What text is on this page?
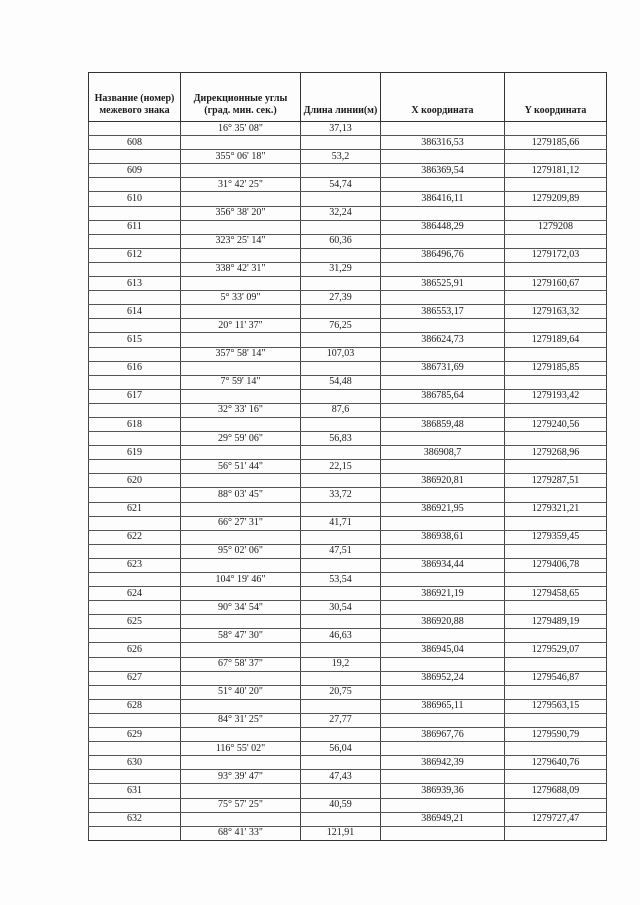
Название (номер) межевого знака	Дирекционные углы (град. мин. сек.)	Длина линии(м)	X координата	Y координата
	16° 35' 08"	37,13		
608			386316,53	1279185,66
	355° 06' 18"	53,2		
609			386369,54	1279181,12
	31° 42' 25"	54,74		
610			386416,11	1279209,89
	356° 38' 20"	32,24		
611			386448,29	1279208
	323° 25' 14"	60,36		
612			386496,76	1279172,03
	338° 42' 31"	31,29		
613			386525,91	1279160,67
	5° 33' 09"	27,39		
614			386553,17	1279163,32
	20° 11' 37"	76,25		
615			386624,73	1279189,64
	357° 58' 14"	107,03		
616			386731,69	1279185,85
	7° 59' 14"	54,48		
617			386785,64	1279193,42
	32° 33' 16"	87,6		
618			386859,48	1279240,56
	29° 59' 06"	56,83		
619			386908,7	1279268,96
	56° 51' 44"	22,15		
620			386920,81	1279287,51
	88° 03' 45"	33,72		
621			386921,95	1279321,21
	66° 27' 31"	41,71		
622			386938,61	1279359,45
	95° 02' 06"	47,51		
623			386934,44	1279406,78
	104° 19' 46"	53,54		
624			386921,19	1279458,65
	90° 34' 54"	30,54		
625			386920,88	1279489,19
	58° 47' 30"	46,63		
626			386945,04	1279529,07
	67° 58' 37"	19,2		
627			386952,24	1279546,87
	51° 40' 20"	20,75		
628			386965,11	1279563,15
	84° 31' 25"	27,77		
629			386967,76	1279590,79
	116° 55' 02"	56,04		
630			386942,39	1279640,76
	93° 39' 47"	47,43		
631			386939,36	1279688,09
	75° 57' 25"	40,59		
632			386949,21	1279727,47
	68° 41' 33"	121,91		
